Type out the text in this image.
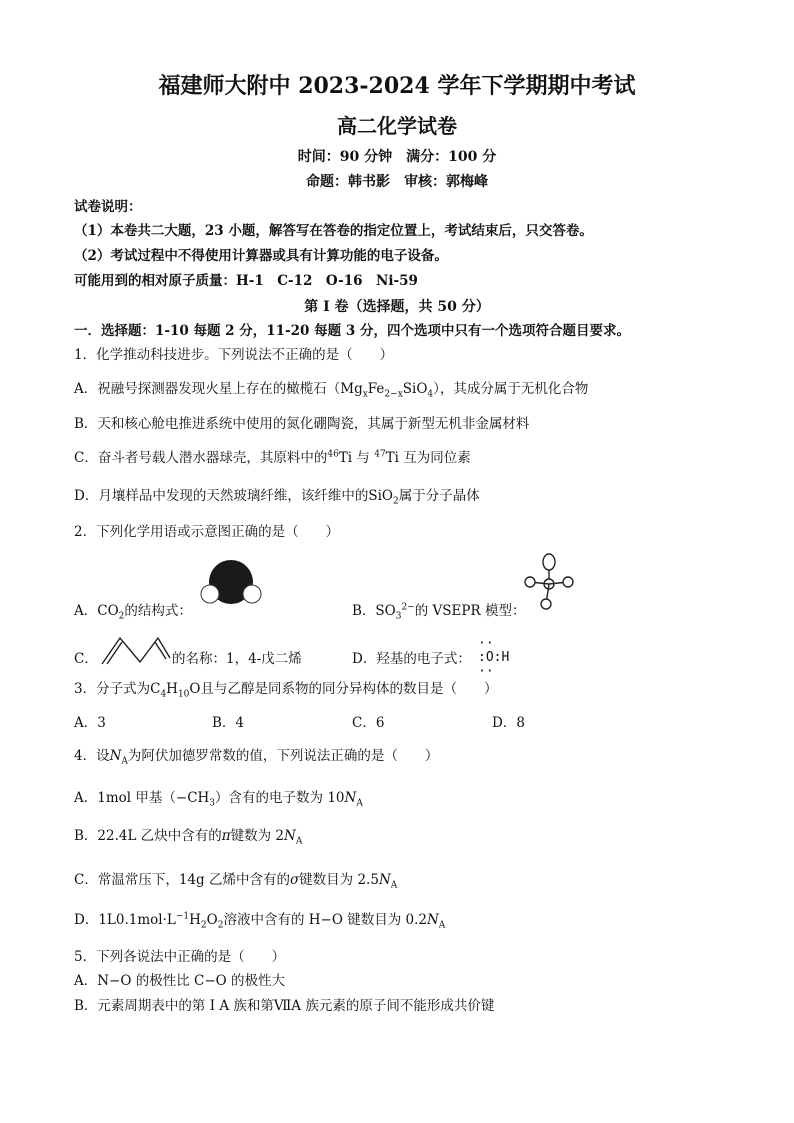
福建师大附中 2023-2024 学年下学期期中考试
高二化学试卷
时间：90 分钟　满分：100 分
命题：韩书影　审核：郭梅峰
试卷说明：
（1）本卷共二大题，23 小题，解答写在答卷的指定位置上，考试结束后，只交答卷。
（2）考试过程中不得使用计算器或具有计算功能的电子设备。
可能用到的相对原子质量：H-1　C-12　O-16　Ni-59
第 I 卷（选择题，共 50 分）
一．选择题：1-10 每题 2 分，11-20 每题 3 分，四个选项中只有一个选项符合题目要求。
1．化学推动科技进步。下列说法不正确的是（　　）
A．祝融号探测器发现火星上存在的橄榄石$(Mg_xFe_{2-x}SiO_4)$，其成分属于无机化合物
B．天和核心舱电推进系统中使用的氮化硼陶瓷，其属于新型无机非金属材料
C．奋斗者号载人潜水器球壳，其原料中的$^{46}$Ti 与 $^{47}$Ti 互为同位素
D．月壤样品中发现的天然玻璃纤维，该纤维中的SiO$_2$属于分子晶体
2．下列化学用语或示意图正确的是（　　）
A．$CO_2$的结构式：	B．$SO_3^{2-}$的 VSEPR 模型：
C．	的名称：1，4-戊二烯	D．羟基的电子式：
··
:O:H
··
3．分子式为$C_4H_{10}O$且与乙醇是同系物的同分异构体的数目是（　　）
A．3	B．4	C．6	D．8
4．设$N_A$为阿伏加德罗常数的值，下列说法正确的是（　　）
A．1mol 甲基$(-CH_3)$含有的电子数为 $10N_A$
B．22.4L 乙炔中含有的π键数为 $2N_A$
C．常温常压下，14g 乙烯中含有的σ键数目为 $2.5N_A$
D．$1L0.1mol\cdot L^{-1}H_2O_2$溶液中含有的 H−O 键数目为 $0.2N_A$
5．下列各说法中正确的是（　　）
A．N−O 的极性比 C−O 的极性大
B．元素周期表中的第 I A 族和第ⅦA 族元素的原子间不能形成共价键
